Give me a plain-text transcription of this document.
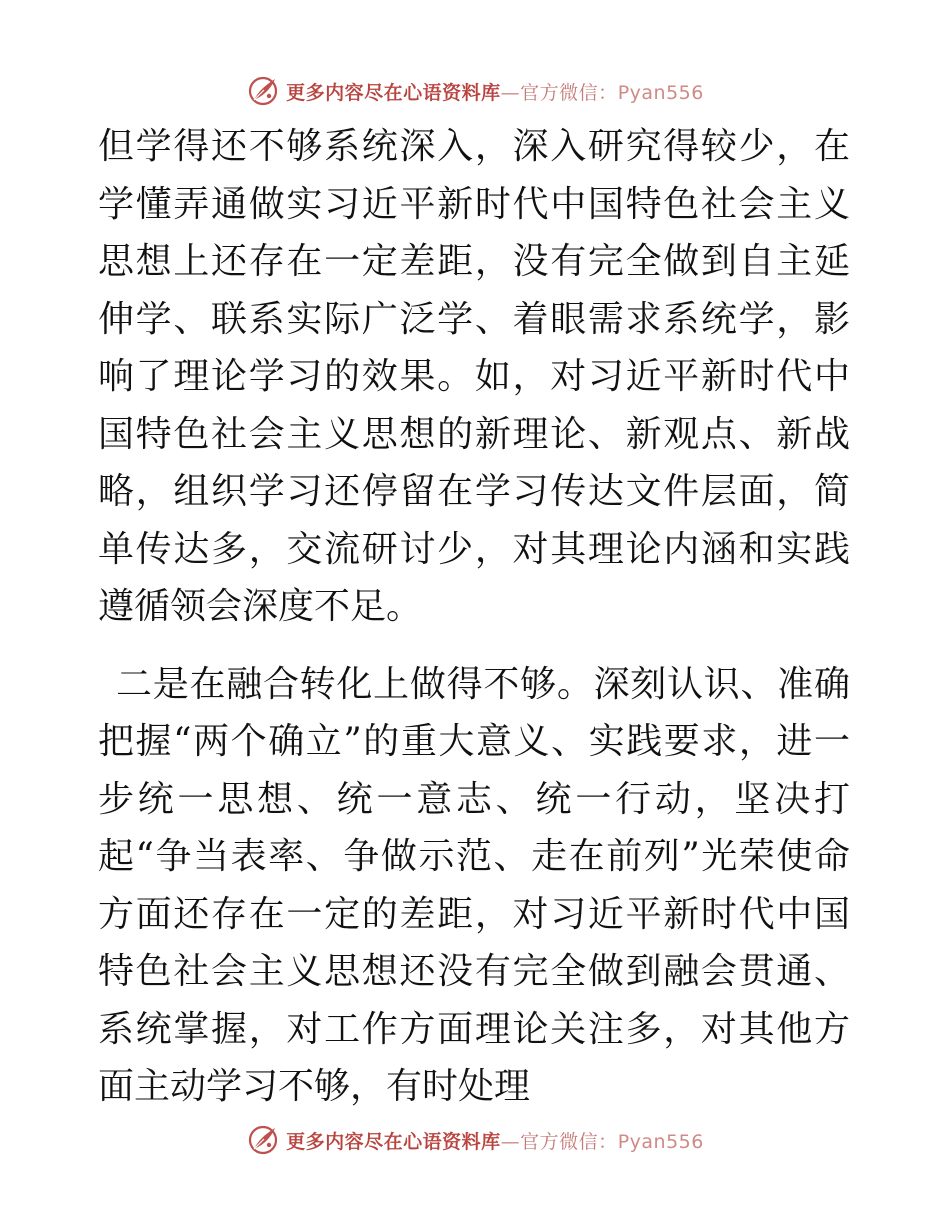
更多内容尽在心语资料库—官方微信：Pyan556

但学得还不够系统深入，深入研究得较少，在学懂弄通做实习近平新时代中国特色社会主义思想上还存在一定差距，没有完全做到自主延伸学、联系实际广泛学、着眼需求系统学，影响了理论学习的效果。如，对习近平新时代中国特色社会主义思想的新理论、新观点、新战略，组织学习还停留在学习传达文件层面，简单传达多，交流研讨少，对其理论内涵和实践遵循领会深度不足。

二是在融合转化上做得不够。深刻认识、准确把握“两个确立”的重大意义、实践要求，进一步统一思想、统一意志、统一行动，坚决打起“争当表率、争做示范、走在前列”光荣使命方面还存在一定的差距，对习近平新时代中国特色社会主义思想还没有完全做到融会贯通、系统掌握，对工作方面理论关注多，对其他方面主动学习不够，有时处理

更多内容尽在心语资料库—官方微信：Pyan556
